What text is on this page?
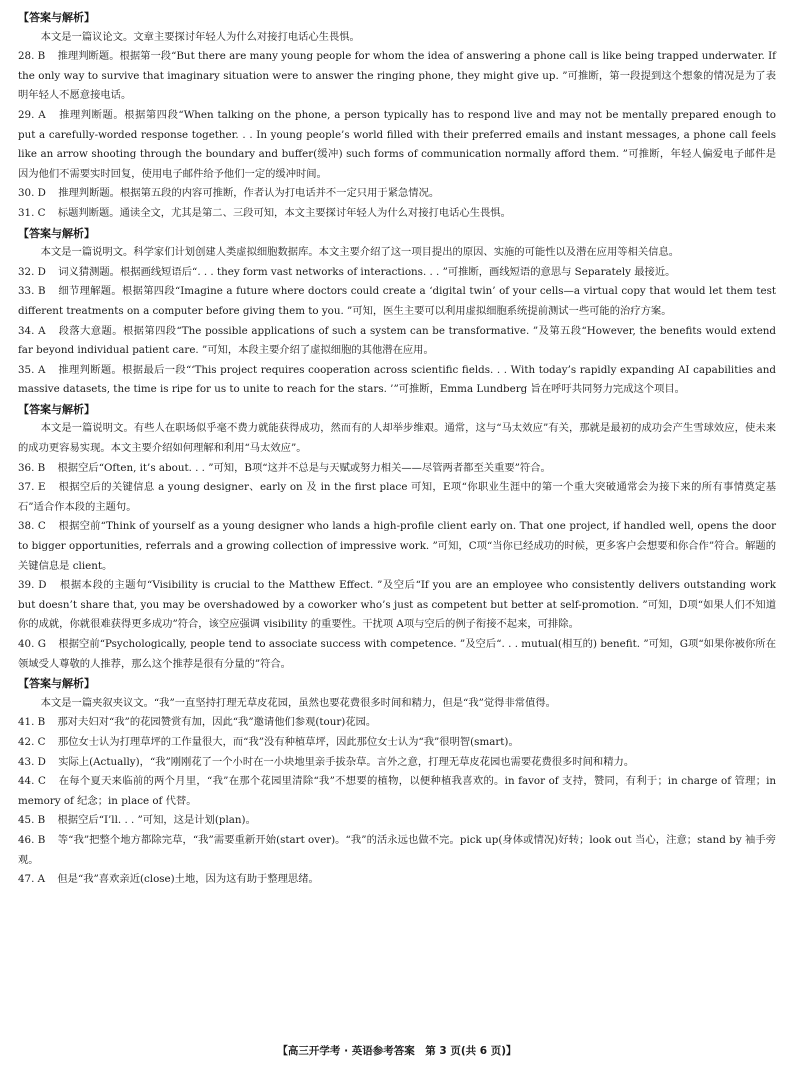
【答案与解析】

本文是一篇议论文。文章主要探讨年轻人为什么对接打电话心生畏惧。

28. B　 推理判断题。根据第一段“But there are many young people for whom the idea of answering a phone call is like being trapped underwater. If the only way to survive that imaginary situation were to answer the ringing phone, they might give up. ”可推断，第一段提到这个想象的情况是为了表明年轻人不愿意接电话。

29. A　 推理判断题。根据第四段“When talking on the phone, a person typically has to respond live and may not be mentally prepared enough to put a carefully-worded response together. . . In young people’s world filled with their preferred emails and instant messages, a phone call feels like an arrow shooting through the boundary and buffer(缓冲) such forms of communication normally afford them. ”可推断，年轻人偏爱电子邮件是因为他们不需要实时回复，使用电子邮件给予他们一定的缓冲时间。

30. D　 推理判断题。根据第五段的内容可推断，作者认为打电话并不一定只用于紧急情况。

31. C　 标题判断题。通读全文，尤其是第二、三段可知，本文主要探讨年轻人为什么对接打电话心生畏惧。

【答案与解析】

本文是一篇说明文。科学家们计划创建人类虚拟细胞数据库。本文主要介绍了这一项目提出的原因、实施的可能性以及潜在应用等相关信息。

32. D　 词义猜测题。根据画线短语后“. . . they form vast networks of interactions. . . ”可推断，画线短语的意思与 Separately 最接近。

33. B　 细节理解题。根据第四段“Imagine a future where doctors could create a ‘digital twin’ of your cells—a virtual copy that would let them test different treatments on a computer before giving them to you. ”可知，医生主要可以利用虚拟细胞系统提前测试一些可能的治疗方案。

34. A　 段落大意题。根据第四段“The possible applications of such a system can be transformative. ”及第五段“However, the benefits would extend far beyond individual patient care. ”可知，本段主要介绍了虚拟细胞的其他潜在应用。

35. A　 推理判断题。根据最后一段“‘This project requires cooperation across scientific fields. . . With today’s rapidly expanding AI capabilities and massive datasets, the time is ripe for us to unite to reach for the stars. ’”可推断，Emma Lundberg 旨在呼吁共同努力完成这个项目。

【答案与解析】

本文是一篇说明文。有些人在职场似乎毫不费力就能获得成功，然而有的人却举步维艰。通常，这与“马太效应”有关，那就是最初的成功会产生雪球效应，使未来的成功更容易实现。本文主要介绍如何理解和利用“马太效应”。

36. B　 根据空后“Often, it’s about. . . ”可知，B项“这并不总是与天赋或努力相关——尽管两者都至关重要”符合。

37. E　 根据空后的关键信息 a young designer、early on 及 in the first place 可知，E项“你职业生涯中的第一个重大突破通常会为接下来的所有事情奠定基石”适合作本段的主题句。

38. C　 根据空前“Think of yourself as a young designer who lands a high-profile client early on. That one project, if handled well, opens the door to bigger opportunities, referrals and a growing collection of impressive work. ”可知，C项“当你已经成功的时候，更多客户会想要和你合作”符合。解题的关键信息是 client。

39. D　 根据本段的主题句“Visibility is crucial to the Matthew Effect. ”及空后“If you are an employee who consistently delivers outstanding work but doesn’t share that, you may be overshadowed by a coworker who’s just as competent but better at self-promotion. ”可知，D项“如果人们不知道你的成就，你就很难获得更多成功”符合，该空应强调 visibility 的重要性。干扰项 A项与空后的例子衔接不起来，可排除。

40. G　 根据空前“Psychologically, people tend to associate success with competence. ”及空后“. . . mutual(相互的) benefit. ”可知，G项“如果你被你所在领域受人尊敬的人推荐，那么这个推荐是很有分量的”符合。

【答案与解析】

本文是一篇夹叙夹议文。“我”一直坚持打理无草皮花园，虽然也要花费很多时间和精力，但是“我”觉得非常值得。

41. B　 那对夫妇对“我”的花园赞赏有加，因此“我”邀请他们参观(tour)花园。

42. C　 那位女士认为打理草坪的工作量很大，而“我”没有种植草坪，因此那位女士认为“我”很明智(smart)。

43. D　 实际上(Actually)，“我”刚刚花了一个小时在一小块地里亲手拔杂草。言外之意，打理无草皮花园也需要花费很多时间和精力。

44. C　 在每个夏天来临前的两个月里，“我”在那个花园里清除“我”不想要的植物，以便种植我喜欢的。in favor of 支持，赞同，有利于；in charge of 管理；in memory of 纪念；in place of 代替。

45. B　 根据空后“I’ll. . . ”可知，这是计划(plan)。

46. B　 等“我”把整个地方都除完草，“我”需要重新开始(start over)。“我”的活永远也做不完。pick up(身体或情况)好转；look out 当心，注意；stand by 袖手旁观。

47. A　 但是“我”喜欢亲近(close)土地，因为这有助于整理思绪。

【高三开学考 · 英语参考答案　第 3 页(共 6 页)】
